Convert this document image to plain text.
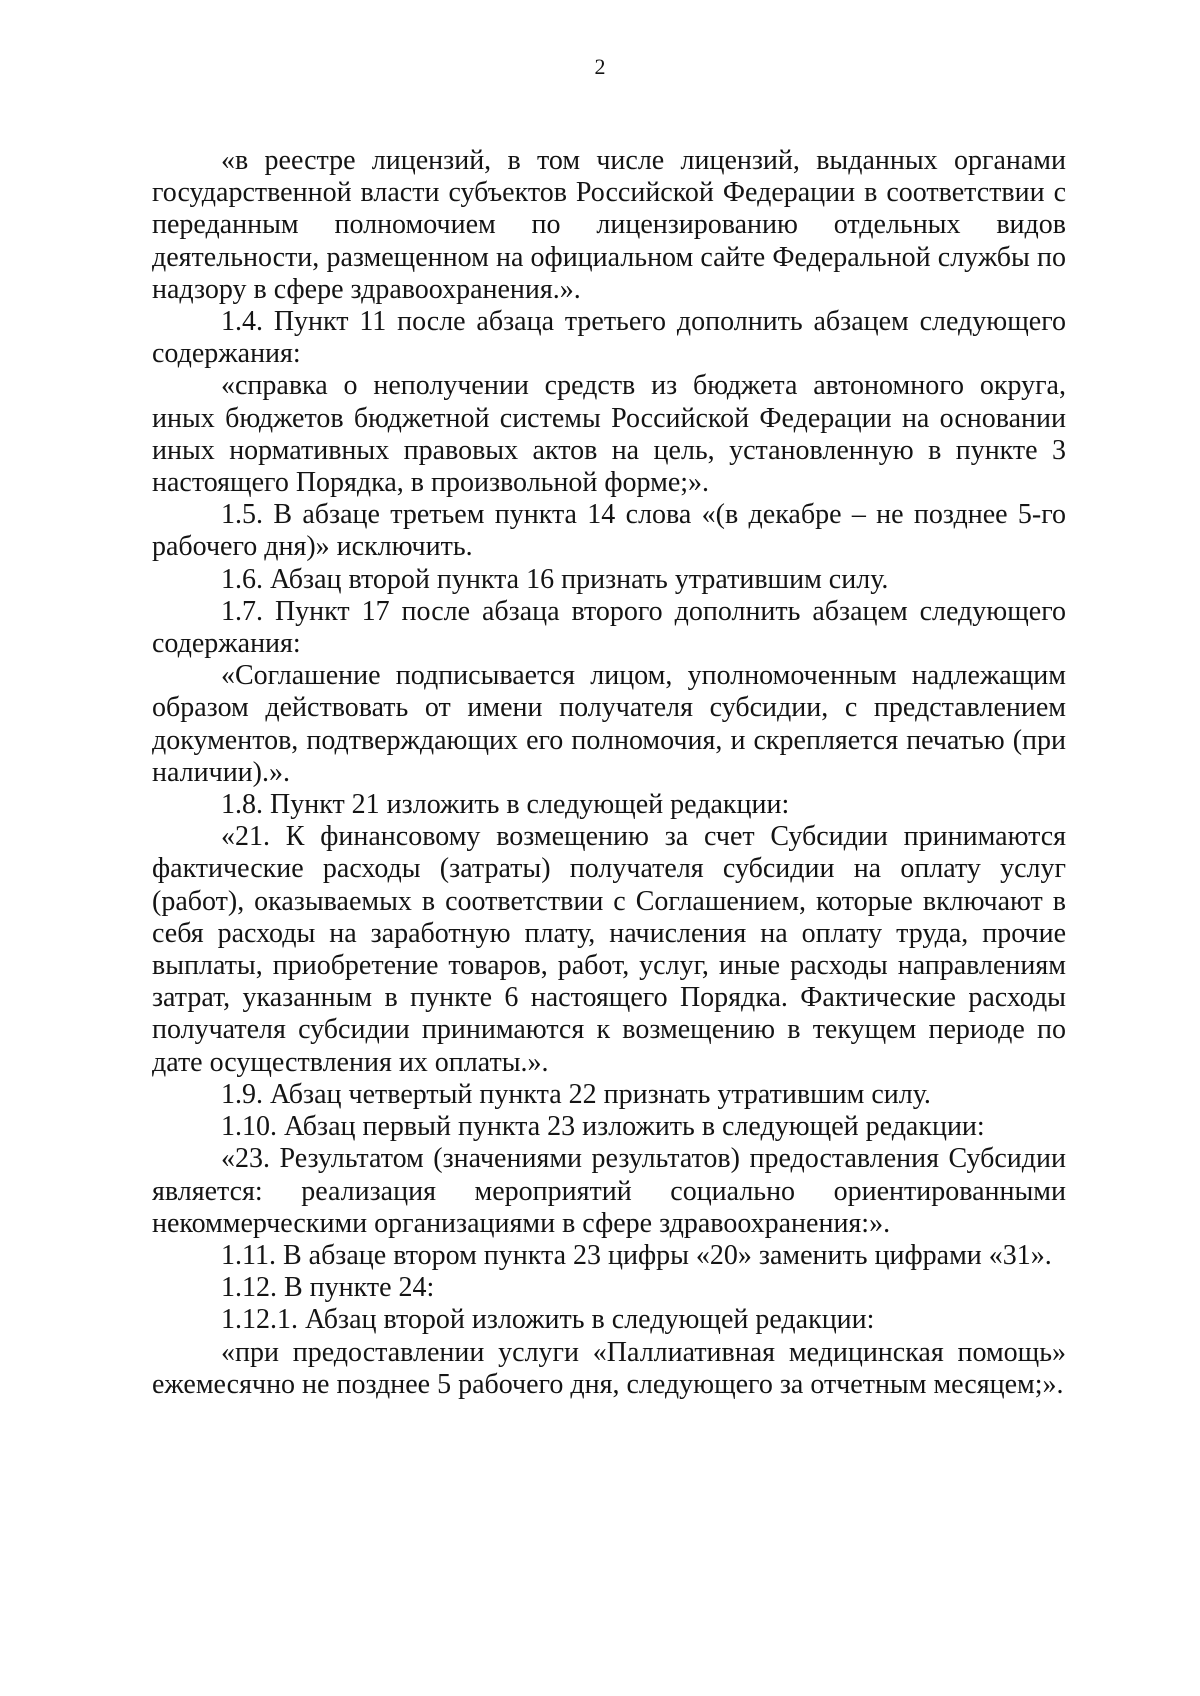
2

«в реестре лицензий, в том числе лицензий, выданных органами государственной власти субъектов Российской Федерации в соответствии с переданным полномочием по лицензированию отдельных видов деятельности, размещенном на официальном сайте Федеральной службы по надзору в сфере здравоохранения.».

1.4. Пункт 11 после абзаца третьего дополнить абзацем следующего содержания:

«справка о неполучении средств из бюджета автономного округа, иных бюджетов бюджетной системы Российской Федерации на основании иных нормативных правовых актов на цель, установленную в пункте 3 настоящего Порядка, в произвольной форме;».

1.5. В абзаце третьем пункта 14 слова «(в декабре – не позднее 5-го рабочего дня)» исключить.

1.6. Абзац второй пункта 16 признать утратившим силу.

1.7. Пункт 17 после абзаца второго дополнить абзацем следующего содержания:

«Соглашение подписывается лицом, уполномоченным надлежащим образом действовать от имени получателя субсидии, с представлением документов, подтверждающих его полномочия, и скрепляется печатью (при наличии).».

1.8. Пункт 21 изложить в следующей редакции:

«21. К финансовому возмещению за счет Субсидии принимаются фактические расходы (затраты) получателя субсидии на оплату услуг (работ), оказываемых в соответствии с Соглашением, которые включают в себя расходы на заработную плату, начисления на оплату труда, прочие выплаты, приобретение товаров, работ, услуг, иные расходы направлениям затрат, указанным в пункте 6 настоящего Порядка. Фактические расходы получателя субсидии принимаются к возмещению в текущем периоде по дате осуществления их оплаты.».

1.9. Абзац четвертый пункта 22 признать утратившим силу.

1.10. Абзац первый пункта 23 изложить в следующей редакции:

«23. Результатом (значениями результатов) предоставления Субсидии является: реализация мероприятий социально ориентированными некоммерческими организациями в сфере здравоохранения:».

1.11. В абзаце втором пункта 23 цифры «20» заменить цифрами «31».

1.12. В пункте 24:

1.12.1. Абзац второй изложить в следующей редакции:

«при предоставлении услуги «Паллиативная медицинская помощь» ежемесячно не позднее 5 рабочего дня, следующего за отчетным месяцем;».
